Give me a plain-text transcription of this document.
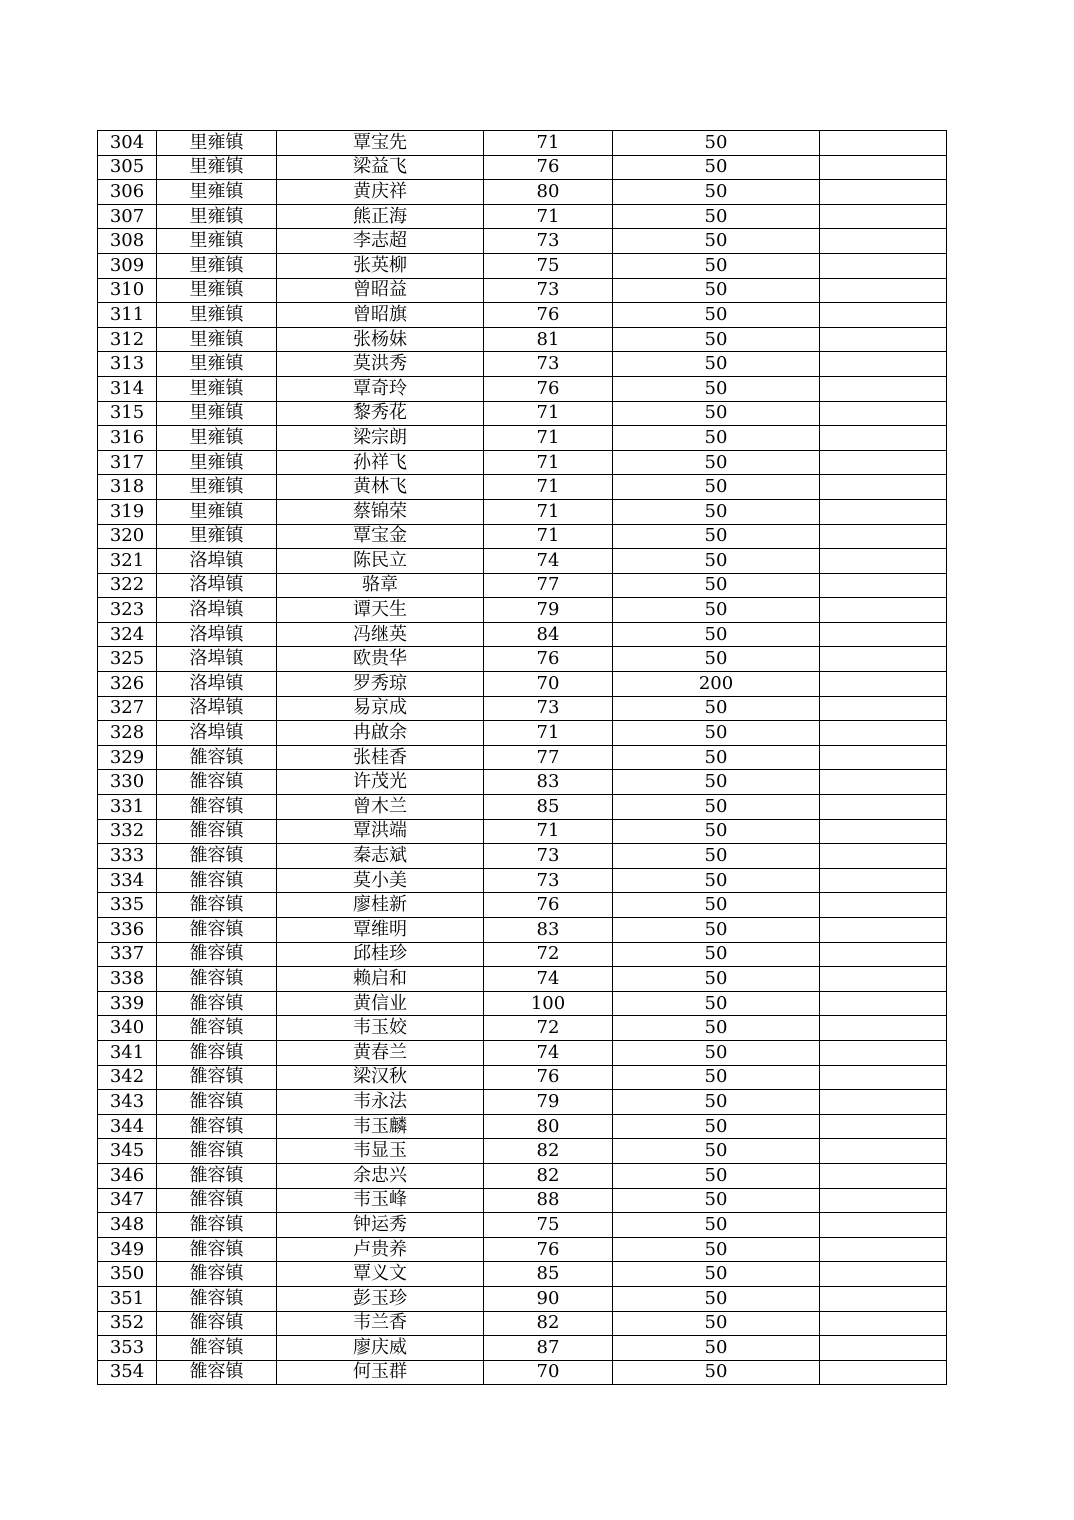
304	里雍镇	覃宝先	71	50	
305	里雍镇	梁益飞	76	50	
306	里雍镇	黄庆祥	80	50	
307	里雍镇	熊正海	71	50	
308	里雍镇	李志超	73	50	
309	里雍镇	张英柳	75	50	
310	里雍镇	曾昭益	73	50	
311	里雍镇	曾昭旗	76	50	
312	里雍镇	张杨妹	81	50	
313	里雍镇	莫洪秀	73	50	
314	里雍镇	覃奇玲	76	50	
315	里雍镇	黎秀花	71	50	
316	里雍镇	梁宗朗	71	50	
317	里雍镇	孙祥飞	71	50	
318	里雍镇	黄林飞	71	50	
319	里雍镇	蔡锦荣	71	50	
320	里雍镇	覃宝金	71	50	
321	洛埠镇	陈民立	74	50	
322	洛埠镇	骆章	77	50	
323	洛埠镇	谭天生	79	50	
324	洛埠镇	冯继英	84	50	
325	洛埠镇	欧贵华	76	50	
326	洛埠镇	罗秀琼	70	200	
327	洛埠镇	易京成	73	50	
328	洛埠镇	冉啟余	71	50	
329	雒容镇	张桂香	77	50	
330	雒容镇	许茂光	83	50	
331	雒容镇	曾木兰	85	50	
332	雒容镇	覃洪端	71	50	
333	雒容镇	秦志斌	73	50	
334	雒容镇	莫小美	73	50	
335	雒容镇	廖桂新	76	50	
336	雒容镇	覃维明	83	50	
337	雒容镇	邱桂珍	72	50	
338	雒容镇	赖启和	74	50	
339	雒容镇	黄信业	100	50	
340	雒容镇	韦玉姣	72	50	
341	雒容镇	黄春兰	74	50	
342	雒容镇	梁汉秋	76	50	
343	雒容镇	韦永法	79	50	
344	雒容镇	韦玉麟	80	50	
345	雒容镇	韦显玉	82	50	
346	雒容镇	余忠兴	82	50	
347	雒容镇	韦玉峰	88	50	
348	雒容镇	钟运秀	75	50	
349	雒容镇	卢贵养	76	50	
350	雒容镇	覃义文	85	50	
351	雒容镇	彭玉珍	90	50	
352	雒容镇	韦兰香	82	50	
353	雒容镇	廖庆威	87	50	
354	雒容镇	何玉群	70	50	
